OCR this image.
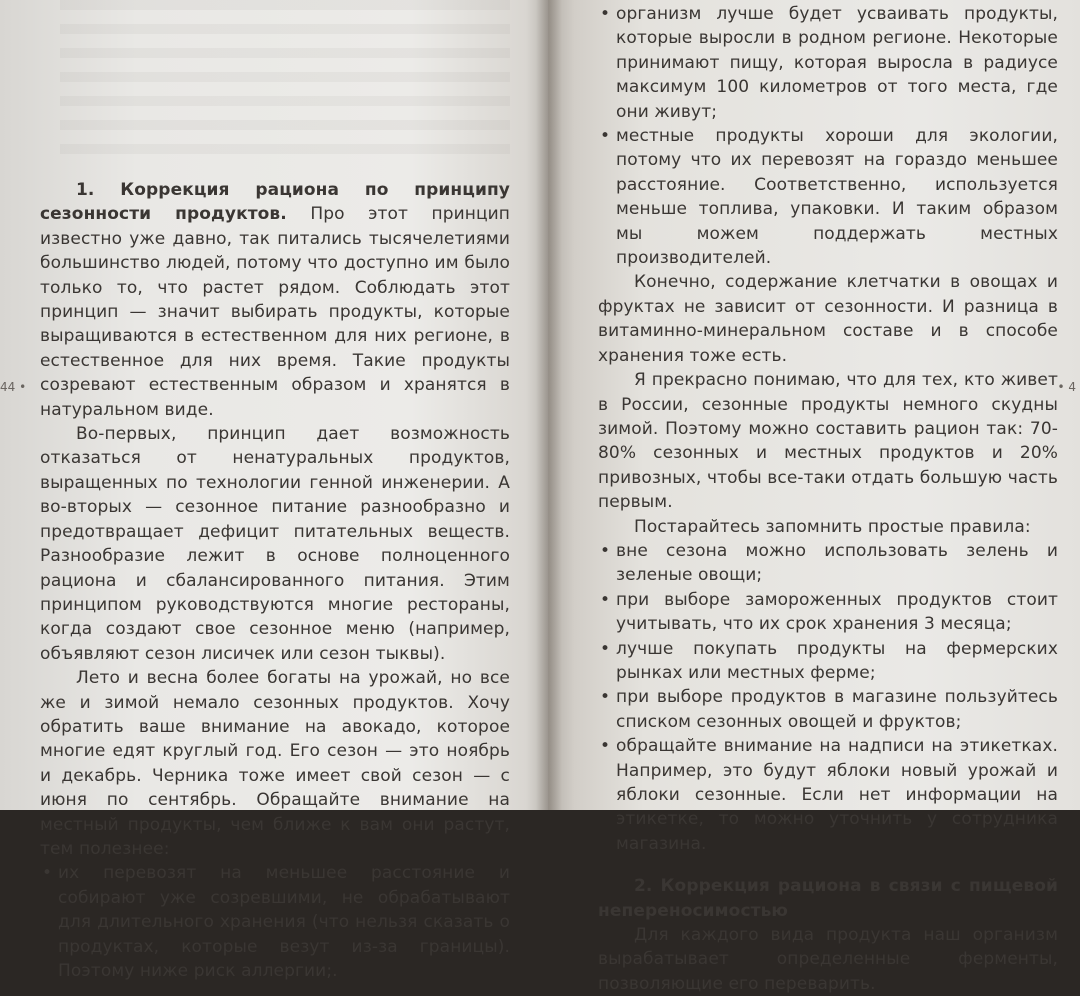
44 •

1. Коррекция рациона по принципу сезонности продуктов. Про этот принцип известно уже давно, так питались тысячелетиями большинство людей, потому что доступно им было только то, что растет рядом. Соблюдать этот принцип — значит выбирать продукты, которые выращиваются в естественном для них регионе, в естественное для них время. Такие продукты созревают естественным образом и хранятся в натуральном виде.

Во-первых, принцип дает возможность отказаться от ненатуральных продуктов, выращенных по технологии генной инженерии. А во-вторых — сезонное питание разнообразно и предотвращает дефицит питательных веществ. Разнообразие лежит в основе полноценного рациона и сбалансированного питания. Этим принципом руководствуются многие рестораны, когда создают свое сезонное меню (например, объявляют сезон лисичек или сезон тыквы).

Лето и весна более богаты на урожай, но все же и зимой немало сезонных продуктов. Хочу обратить ваше внимание на авокадо, которое многие едят круглый год. Его сезон — это ноябрь и декабрь. Черника тоже имеет свой сезон — с июня по сентябрь. Обращайте внимание на местный продукты, чем ближе к вам они растут, тем полезнее:

• их перевозят на меньшее расстояние и собирают уже созревшими, не обрабатывают для длительного хранения (что нельзя сказать о продуктах, которые везут из-за границы). Поэтому ниже риск аллергии;.

• 4

• организм лучше будет усваивать продукты, которые выросли в родном регионе. Некоторые принимают пищу, которая выросла в радиусе максимум 100 километров от того места, где они живут;

• местные продукты хороши для экологии, потому что их перевозят на гораздо меньшее расстояние. Соответственно, используется меньше топлива, упаковки. И таким образом мы можем поддержать местных производителей.

Конечно, содержание клетчатки в овощах и фруктах не зависит от сезонности. И разница в витаминно-минеральном составе и в способе хранения тоже есть.

Я прекрасно понимаю, что для тех, кто живет в России, сезонные продукты немного скудны зимой. Поэтому можно составить рацион так: 70-80% сезонных и местных продуктов и 20% привозных, чтобы все-таки отдать большую часть первым.

Постарайтесь запомнить простые правила:

• вне сезона можно использовать зелень и зеленые овощи;

• при выборе замороженных продуктов стоит учитывать, что их срок хранения 3 месяца;

• лучше покупать продукты на фермерских рынках или местных ферме;

• при выборе продуктов в магазине пользуйтесь списком сезонных овощей и фруктов;

• обращайте внимание на надписи на этикетках. Например, это будут яблоки новый урожай и яблоки сезонные. Если нет информации на этикетке, то можно уточнить у сотрудника магазина.

2. Коррекция рациона в связи с пищевой непереносимостью

Для каждого вида продукта наш организм вырабатывает определенные ферменты, позволяющие его переварить.
